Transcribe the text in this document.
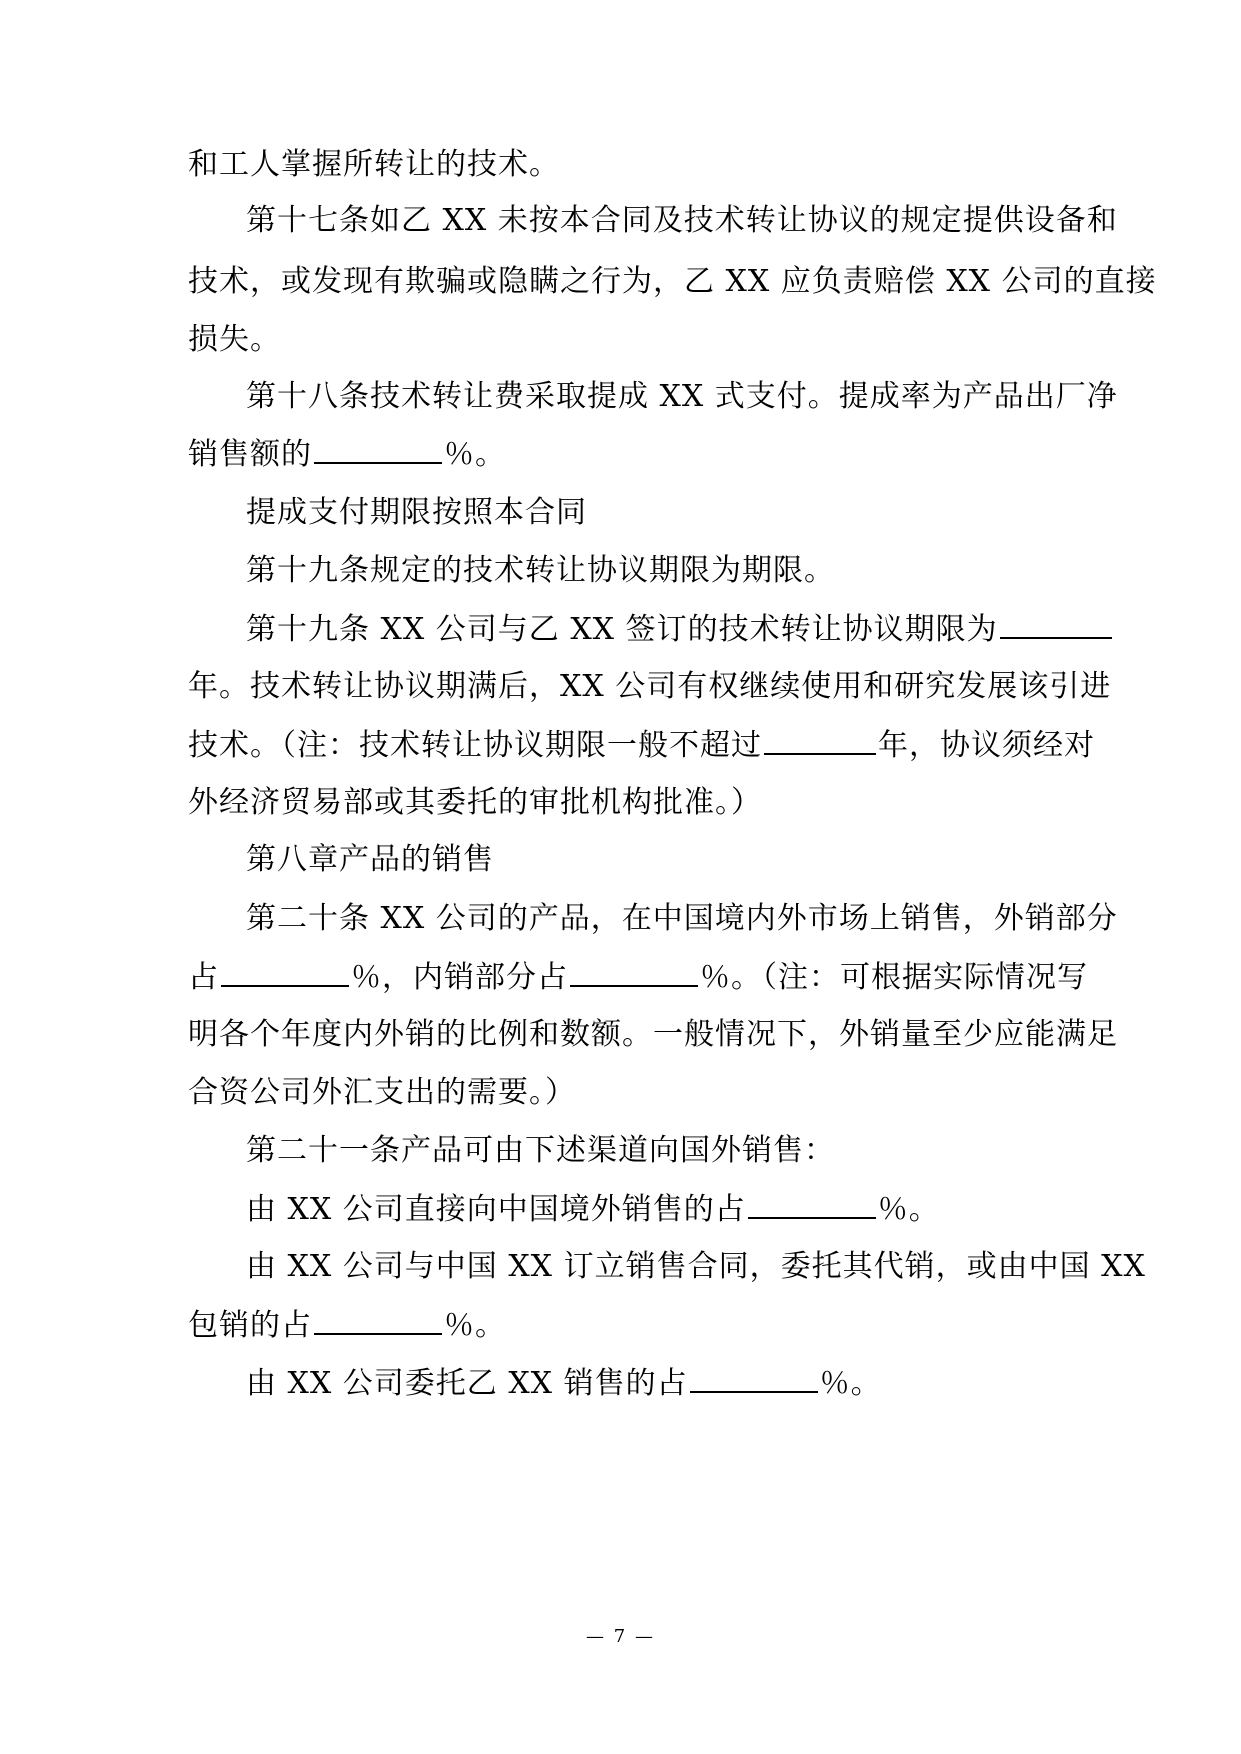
和工人掌握所转让的技术。
第十七条如乙 XX 未按本合同及技术转让协议的规定提供设备和
技术，或发现有欺骗或隐瞒之行为，乙 XX 应负责赔偿 XX 公司的直接
损失。
第十八条技术转让费采取提成 XX 式支付。提成率为产品出厂净
销售额的	％。
提成支付期限按照本合同
第十九条规定的技术转让协议期限为期限。
第十九条 XX 公司与乙 XX 签订的技术转让协议期限为
年。技术转让协议期满后，XX 公司有权继续使用和研究发展该引进
技术。（注：技术转让协议期限一般不超过	年，协议须经对
外经济贸易部或其委托的审批机构批准。）
第八章产品的销售
第二十条 XX 公司的产品，在中国境内外市场上销售，外销部分
占	％，内销部分占	％。（注：可根据实际情况写
明各个年度内外销的比例和数额。一般情况下，外销量至少应能满足
合资公司外汇支出的需要。）
第二十一条产品可由下述渠道向国外销售：
由 XX 公司直接向中国境外销售的占	％。
由 XX 公司与中国 XX 订立销售合同，委托其代销，或由中国 XX
包销的占	％。
由 XX 公司委托乙 XX 销售的占	％。
— 7 —
